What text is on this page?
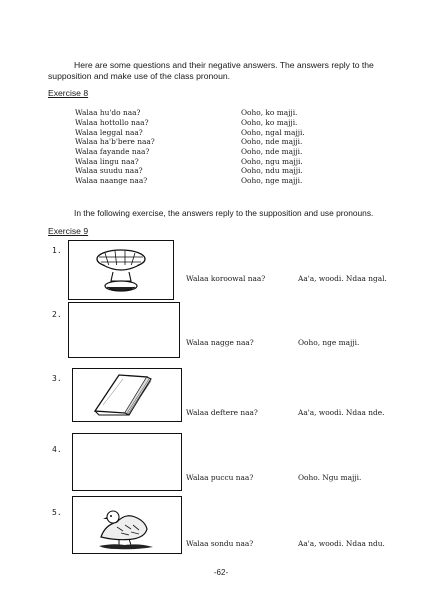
Here are some questions and their negative answers. The answers reply to the supposition and make use of the class pronoun.
Exercise 8
Walaa hu'do naa?	Ooho, ko majji.
Walaa hottollo naa?	Ooho, ko majji.
Walaa leggal naa?	Ooho, ngal majji.
Walaa ha'b'bere naa?	Ooho, nde majji.
Walaa fayande naa?	Ooho, nde majji.
Walaa lingu naa?	Ooho, ngu majji.
Walaa suudu naa?	Ooho, ndu majji.
Walaa naange naa?	Ooho, nge majji.
In the following exercise, the answers reply to the supposition and use pronouns.
Exercise 9
1.
Walaa koroowal naa?	Aa'a, woodi. Ndaa ngal.
2.
Walaa nagge naa?	Ooho, nge majji.
3.
Walaa deftere naa?	Aa'a, woodi. Ndaa nde.
4.
Walaa puccu naa?	Ooho. Ngu majji.
5.
Walaa sondu naa?	Aa'a, woodi. Ndaa ndu.
-62-
